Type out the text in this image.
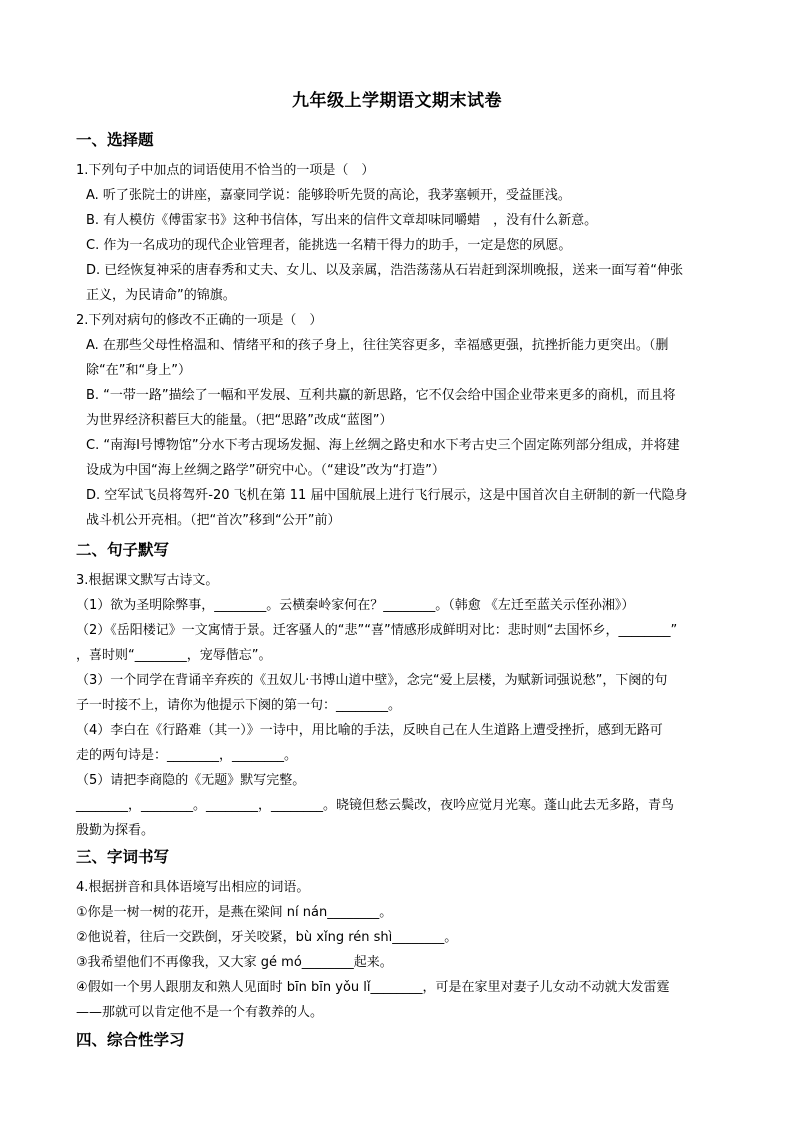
九年级上学期语文期末试卷
一、选择题
1.下列句子中加点的词语使用不恰当的一项是（　）
A. 听了张院士的讲座，嘉豪同学说：能够聆听先贤的高论，我茅塞顿开，受益匪浅。
B. 有人模仿《傅雷家书》这种书信体，写出来的信件文章却味同嚼蜡　，没有什么新意。
C. 作为一名成功的现代企业管理者，能挑选一名精干得力的助手，一定是您的夙愿。
D. 已经恢复神采的唐春秀和丈夫、女儿、以及亲属，浩浩荡荡从石岩赶到深圳晚报，送来一面写着“伸张
正义，为民请命”的锦旗。
2.下列对病句的修改不正确的一项是（　）
A. 在那些父母性格温和、情绪平和的孩子身上，往往笑容更多，幸福感更强，抗挫折能力更突出。（删
除“在”和“身上”）
B. “一带一路”描绘了一幅和平发展、互利共赢的新思路，它不仅会给中国企业带来更多的商机，而且将
为世界经济积蓄巨大的能量。（把“思路”改成“蓝图”）
C. “南海Ⅰ号博物馆”分水下考古现场发掘、海上丝绸之路史和水下考古史三个固定陈列部分组成，并将建
设成为中国“海上丝绸之路学”研究中心。（“建设”改为“打造”）
D. 空军试飞员将驾歼-20 飞机在第 11 届中国航展上进行飞行展示，这是中国首次自主研制的新一代隐身
战斗机公开亮相。（把“首次”移到“公开”前）
二、句子默写
3.根据课文默写古诗文。
（1）欲为圣明除弊事，________。云横秦岭家何在？________。（韩愈 《左迁至蓝关示侄孙湘》）
（2）《岳阳楼记》一文寓情于景。迁客骚人的“悲”“喜”情感形成鲜明对比：悲时则“去国怀乡，________”
，喜时则“________，宠辱偕忘”。
（3）一个同学在背诵辛弃疾的《丑奴儿·书博山道中壁》，念完“爱上层楼，为赋新词强说愁”，下阕的句
子一时接不上，请你为他提示下阕的第一句：________。
（4）李白在《行路难（其一）》一诗中，用比喻的手法，反映自己在人生道路上遭受挫折，感到无路可
走的两句诗是：________，________。
（5）请把李商隐的《无题》默写完整。
________，________。________，________。晓镜但愁云鬓改，夜吟应觉月光寒。蓬山此去无多路，青鸟
殷勤为探看。
三、字词书写
4.根据拼音和具体语境写出相应的词语。
①你是一树一树的花开，是燕在梁间 ní nán________。
②他说着，往后一交跌倒，牙关咬紧，bù xǐng rén shì________。
③我希望他们不再像我，又大家 gé mó________起来。
④假如一个男人跟朋友和熟人见面时 bīn bīn yǒu lǐ________，可是在家里对妻子儿女动不动就大发雷霆
——那就可以肯定他不是一个有教养的人。
四、综合性学习
